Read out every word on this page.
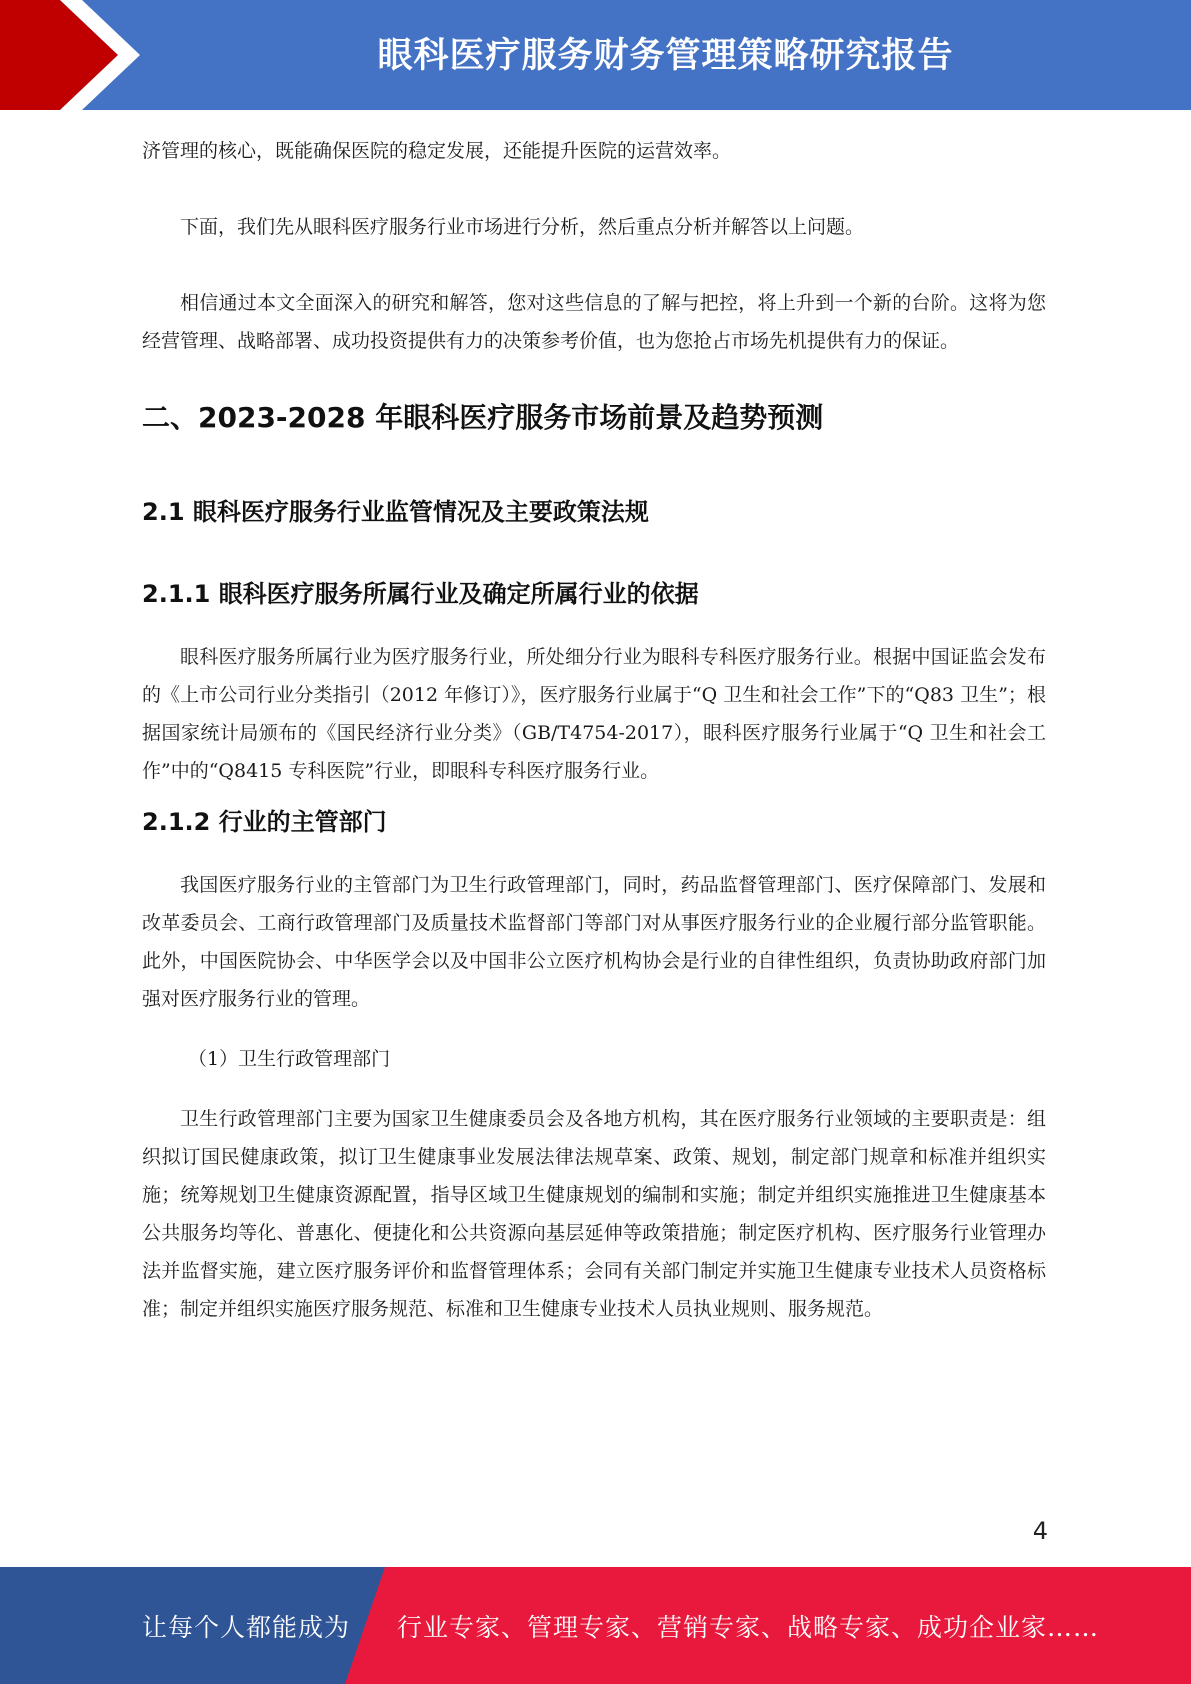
眼科医疗服务财务管理策略研究报告

济管理的核心，既能确保医院的稳定发展，还能提升医院的运营效率。

下面，我们先从眼科医疗服务行业市场进行分析，然后重点分析并解答以上问题。

相信通过本文全面深入的研究和解答，您对这些信息的了解与把控，将上升到一个新的台阶。这将为您经营管理、战略部署、成功投资提供有力的决策参考价值，也为您抢占市场先机提供有力的保证。

二、2023-2028 年眼科医疗服务市场前景及趋势预测
2.1 眼科医疗服务行业监管情况及主要政策法规
2.1.1 眼科医疗服务所属行业及确定所属行业的依据

眼科医疗服务所属行业为医疗服务行业，所处细分行业为眼科专科医疗服务行业。根据中国证监会发布的《上市公司行业分类指引（2012 年修订）》，医疗服务行业属于“Q 卫生和社会工作”下的“Q83 卫生”；根据国家统计局颁布的《国民经济行业分类》（GB/T4754-2017），眼科医疗服务行业属于“Q 卫生和社会工作”中的“Q8415 专科医院”行业，即眼科专科医疗服务行业。

2.1.2 行业的主管部门

我国医疗服务行业的主管部门为卫生行政管理部门，同时，药品监督管理部门、医疗保障部门、发展和改革委员会、工商行政管理部门及质量技术监督部门等部门对从事医疗服务行业的企业履行部分监管职能。此外，中国医院协会、中华医学会以及中国非公立医疗机构协会是行业的自律性组织，负责协助政府部门加强对医疗服务行业的管理。

（1）卫生行政管理部门

卫生行政管理部门主要为国家卫生健康委员会及各地方机构，其在医疗服务行业领域的主要职责是：组织拟订国民健康政策，拟订卫生健康事业发展法律法规草案、政策、规划，制定部门规章和标准并组织实施；统筹规划卫生健康资源配置，指导区域卫生健康规划的编制和实施；制定并组织实施推进卫生健康基本公共服务均等化、普惠化、便捷化和公共资源向基层延伸等政策措施；制定医疗机构、医疗服务行业管理办法并监督实施，建立医疗服务评价和监督管理体系；会同有关部门制定并实施卫生健康专业技术人员资格标准；制定并组织实施医疗服务规范、标准和卫生健康专业技术人员执业规则、服务规范。

4
让每个人都能成为 行业专家、管理专家、营销专家、战略专家、成功企业家……
